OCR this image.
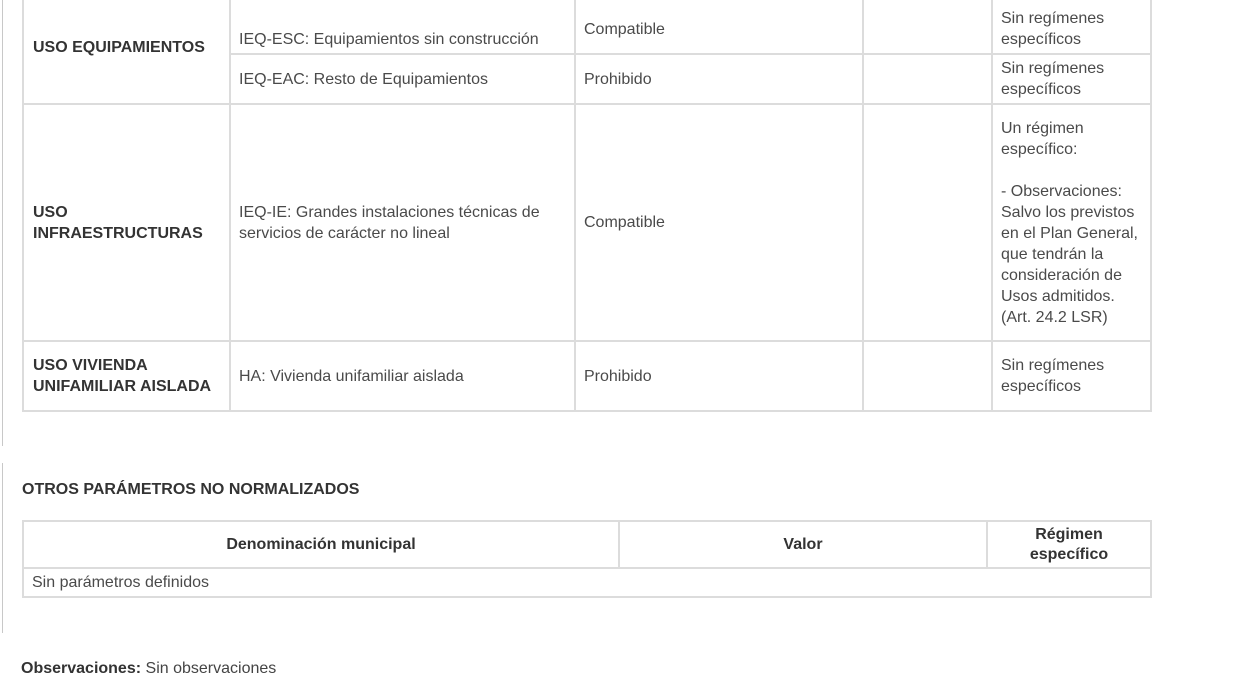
USO EQUIPAMIENTOS	IEQ-ESC: Equipamientos sin construcción	Compatible		Sin regímenes específicos
	IEQ-EAC: Resto de Equipamientos	Prohibido		Sin regímenes específicos
USO INFRAESTRUCTURAS	IEQ-IE: Grandes instalaciones técnicas de servicios de carácter no lineal	Compatible		Un régimen específico:

- Observaciones: Salvo los previstos en el Plan General, que tendrán la consideración de Usos admitidos. (Art. 24.2 LSR)
USO VIVIENDA UNIFAMILIAR AISLADA	HA: Vivienda unifamiliar aislada	Prohibido		Sin regímenes específicos
OTROS PARÁMETROS NO NORMALIZADOS
Denominación municipal	Valor	Régimen específico
Sin parámetros definidos
Observaciones: Sin observaciones
